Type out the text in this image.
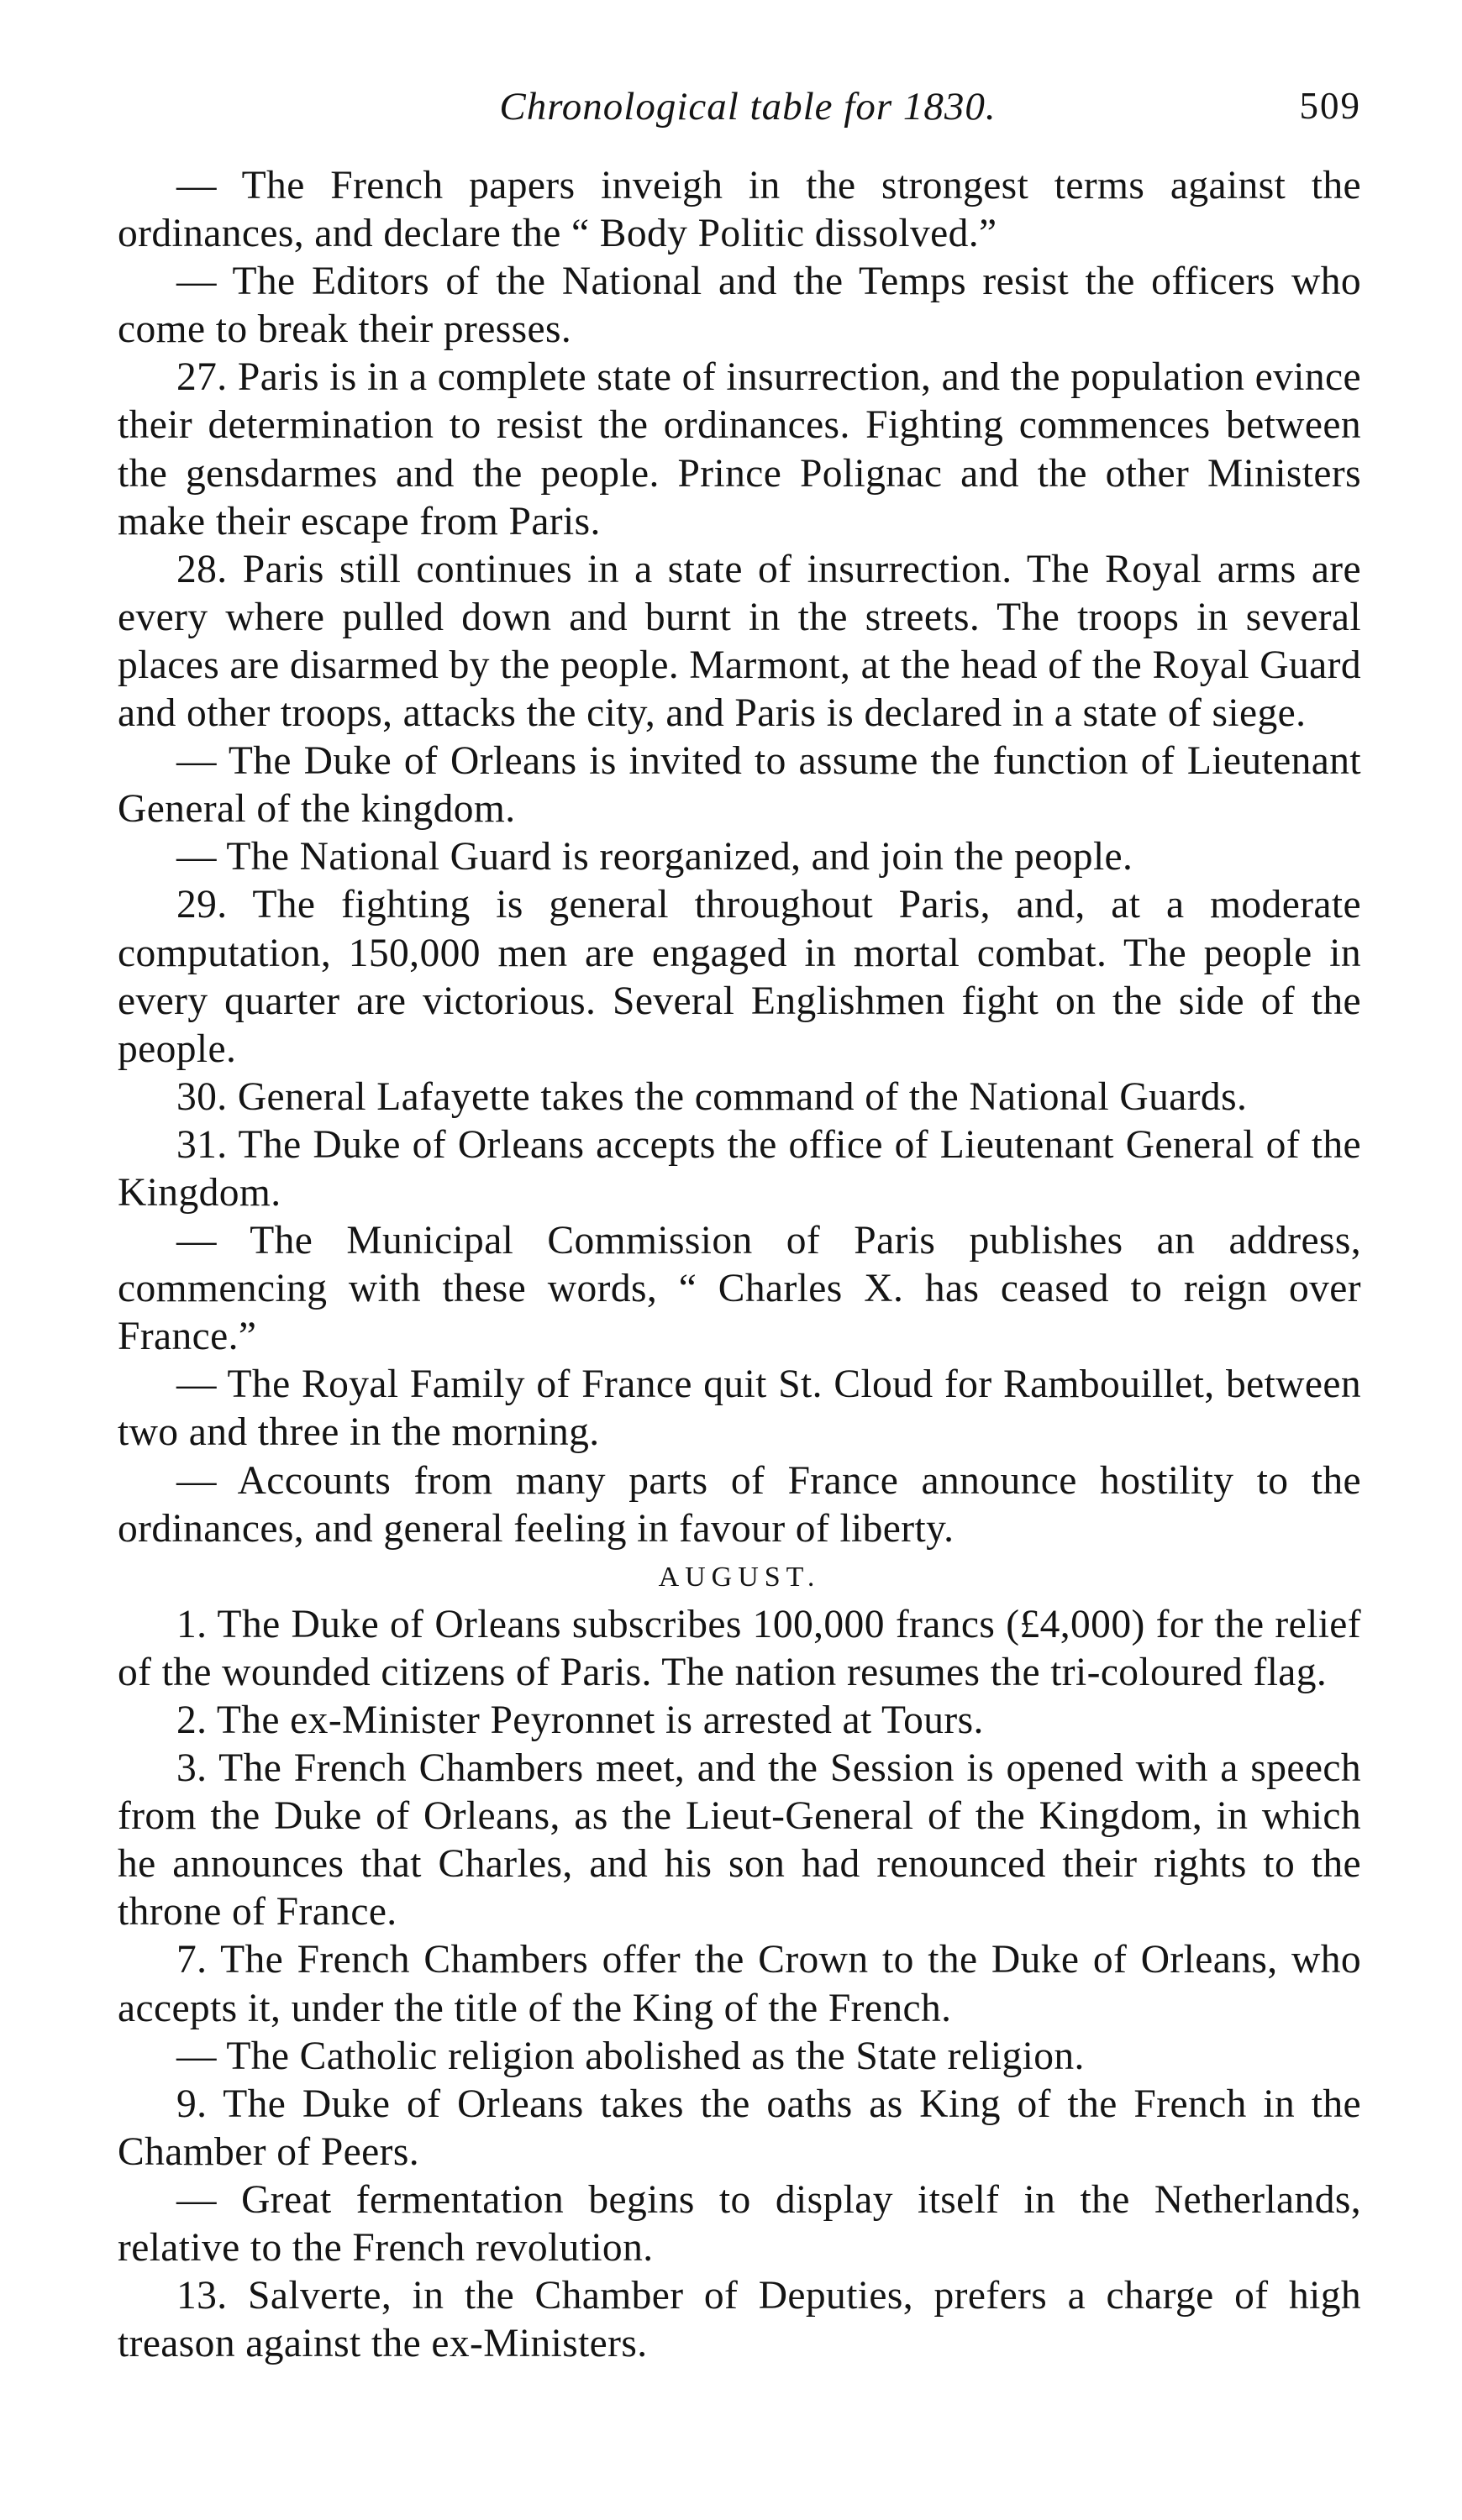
Chronological table for 1830.	509

— The French papers inveigh in the strongest terms against the ordinances, and declare the “ Body Politic dissolved.”

— The Editors of the National and the Temps resist the officers who come to break their presses.

27. Paris is in a complete state of insurrection, and the population evince their determination to resist the ordinances. Fighting commences between the gensdarmes and the people. Prince Polignac and the other Ministers make their escape from Paris.

28. Paris still continues in a state of insurrection. The Royal arms are every where pulled down and burnt in the streets. The troops in several places are disarmed by the people. Marmont, at the head of the Royal Guard and other troops, attacks the city, and Paris is declared in a state of siege.

— The Duke of Orleans is invited to assume the function of Lieutenant General of the kingdom.

— The National Guard is reorganized, and join the people.

29. The fighting is general throughout Paris, and, at a moderate computation, 150,000 men are engaged in mortal combat. The people in every quarter are victorious. Several Englishmen fight on the side of the people.

30. General Lafayette takes the command of the National Guards.

31. The Duke of Orleans accepts the office of Lieutenant General of the Kingdom.

— The Municipal Commission of Paris publishes an address, commencing with these words, “ Charles X. has ceased to reign over France.”

— The Royal Family of France quit St. Cloud for Rambouillet, between two and three in the morning.

— Accounts from many parts of France announce hostility to the ordinances, and general feeling in favour of liberty.

AUGUST.

1. The Duke of Orleans subscribes 100,000 francs (£4,000) for the relief of the wounded citizens of Paris. The nation resumes the tri-coloured flag.

2. The ex-Minister Peyronnet is arrested at Tours.

3. The French Chambers meet, and the Session is opened with a speech from the Duke of Orleans, as the Lieut-General of the Kingdom, in which he announces that Charles, and his son had renounced their rights to the throne of France.

7. The French Chambers offer the Crown to the Duke of Orleans, who accepts it, under the title of the King of the French.

— The Catholic religion abolished as the State religion.

9. The Duke of Orleans takes the oaths as King of the French in the Chamber of Peers.

— Great fermentation begins to display itself in the Netherlands, relative to the French revolution.

13. Salverte, in the Chamber of Deputies, prefers a charge of high treason against the ex-Ministers.
